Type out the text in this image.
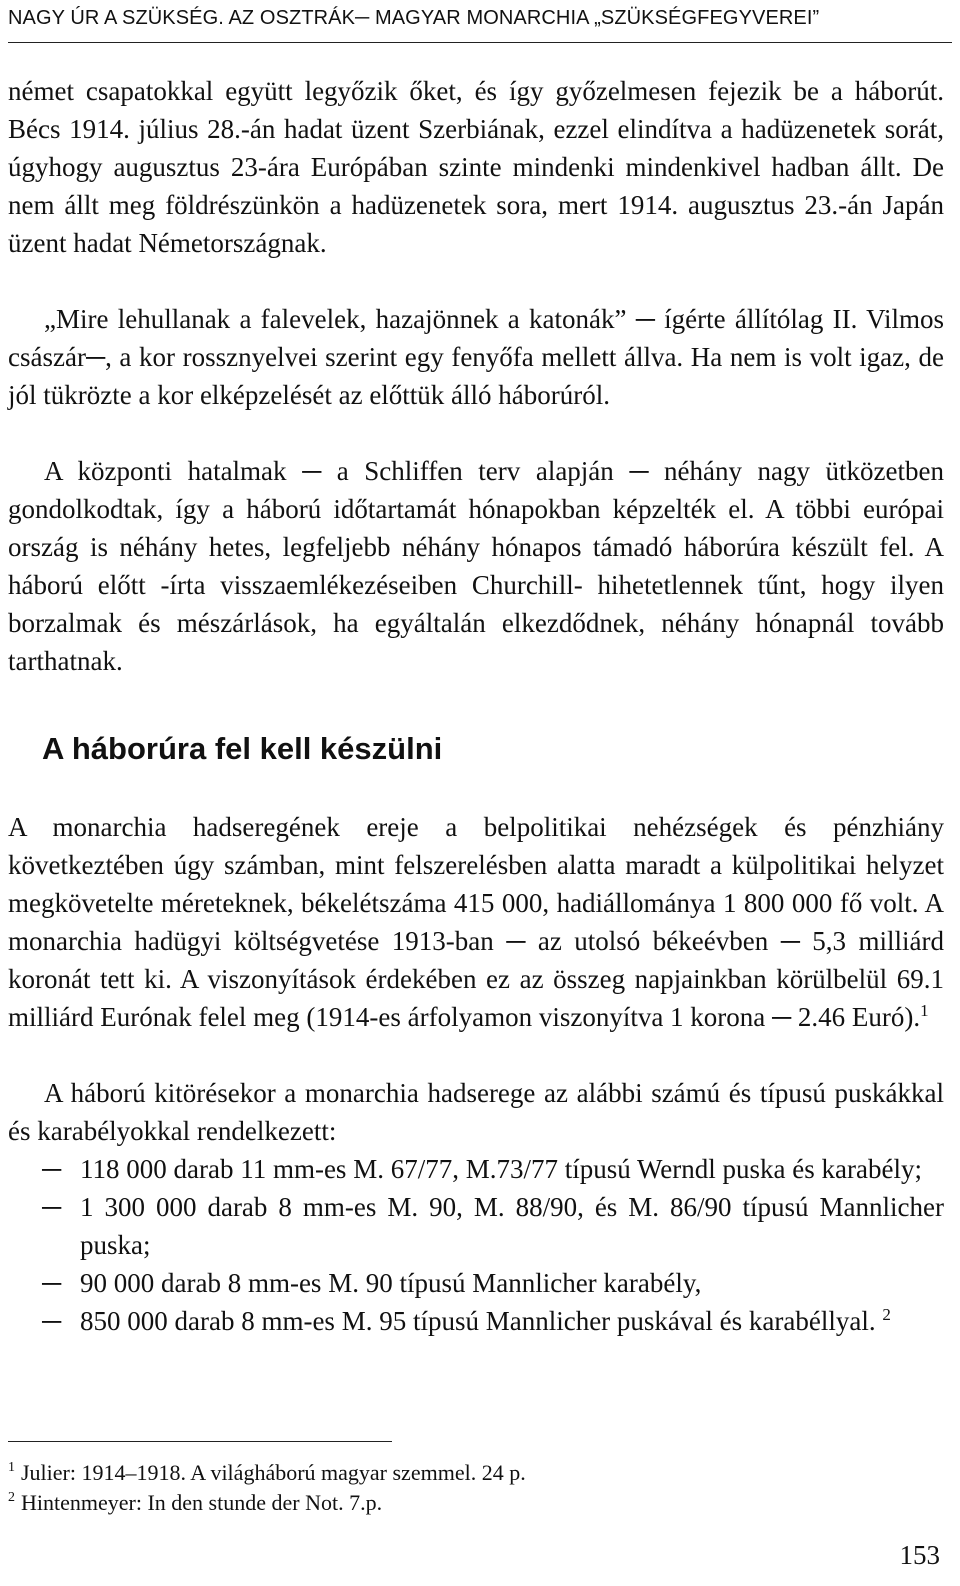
NAGY ÚR A SZÜKSÉG. AZ OSZTRÁK─ MAGYAR MONARCHIA „SZÜKSÉGFEGYVEREI”

német csapatokkal együtt legyőzik őket, és így győzelmesen fejezik be a háborút. Bécs 1914. július 28.-án hadat üzent Szerbiának, ezzel elindítva a hadüzenetek sorát, úgyhogy augusztus 23-ára Európában szinte mindenki mindenkivel hadban állt. De nem állt meg földrészünkön a hadüzenetek sora, mert 1914. augusztus 23.-án Japán üzent hadat Németországnak.

„Mire lehullanak a falevelek, hazajönnek a katonák” ─ ígérte állítólag II. Vilmos császár─, a kor rossznyelvei szerint egy fenyőfa mellett állva. Ha nem is volt igaz, de jól tükrözte a kor elképzelését az előttük álló háborúról.

A központi hatalmak ─ a Schliffen terv alapján ─ néhány nagy ütközetben gondolkodtak, így a háború időtartamát hónapokban képzelték el. A többi európai ország is néhány hetes, legfeljebb néhány hónapos támadó háborúra készült fel. A háború előtt -írta visszaemlékezéseiben Churchill- hihetetlennek tűnt, hogy ilyen borzalmak és mészárlások, ha egyáltalán elkezdődnek, néhány hónapnál tovább tarthatnak.

A háborúra fel kell készülni

A monarchia hadseregének ereje a belpolitikai nehézségek és pénzhiány következtében úgy számban, mint felszerelésben alatta maradt a külpolitikai helyzet megkövetelte méreteknek, békelétszáma 415 000, hadiállománya 1 800 000 fő volt. A monarchia hadügyi költségvetése 1913-ban ─ az utolsó békeévben ─ 5,3 milliárd koronát tett ki. A viszonyítások érdekében ez az összeg napjainkban körülbelül 69.1 milliárd Eurónak felel meg (1914-es árfolyamon viszonyítva 1 korona ─ 2.46 Euró).$^1$

A háború kitörésekor a monarchia hadserege az alábbi számú és típusú puskákkal és karabélyokkal rendelkezett:

─ 118 000 darab 11 mm-es M. 67/77, M.73/77 típusú Werndl puska és karabély;
─ 1 300 000 darab 8 mm-es M. 90, M. 88/90, és M. 86/90 típusú Mannlicher puska;
─ 90 000 darab 8 mm-es M. 90 típusú Mannlicher karabély,
─ 850 000 darab 8 mm-es M. 95 típusú Mannlicher puskával és karabéllyal. $^2$
$^1$ Julier: 1914–1918. A világháború magyar szemmel. 24 p.
$^2$ Hintenmeyer: In den stunde der Not. 7.p.
153
